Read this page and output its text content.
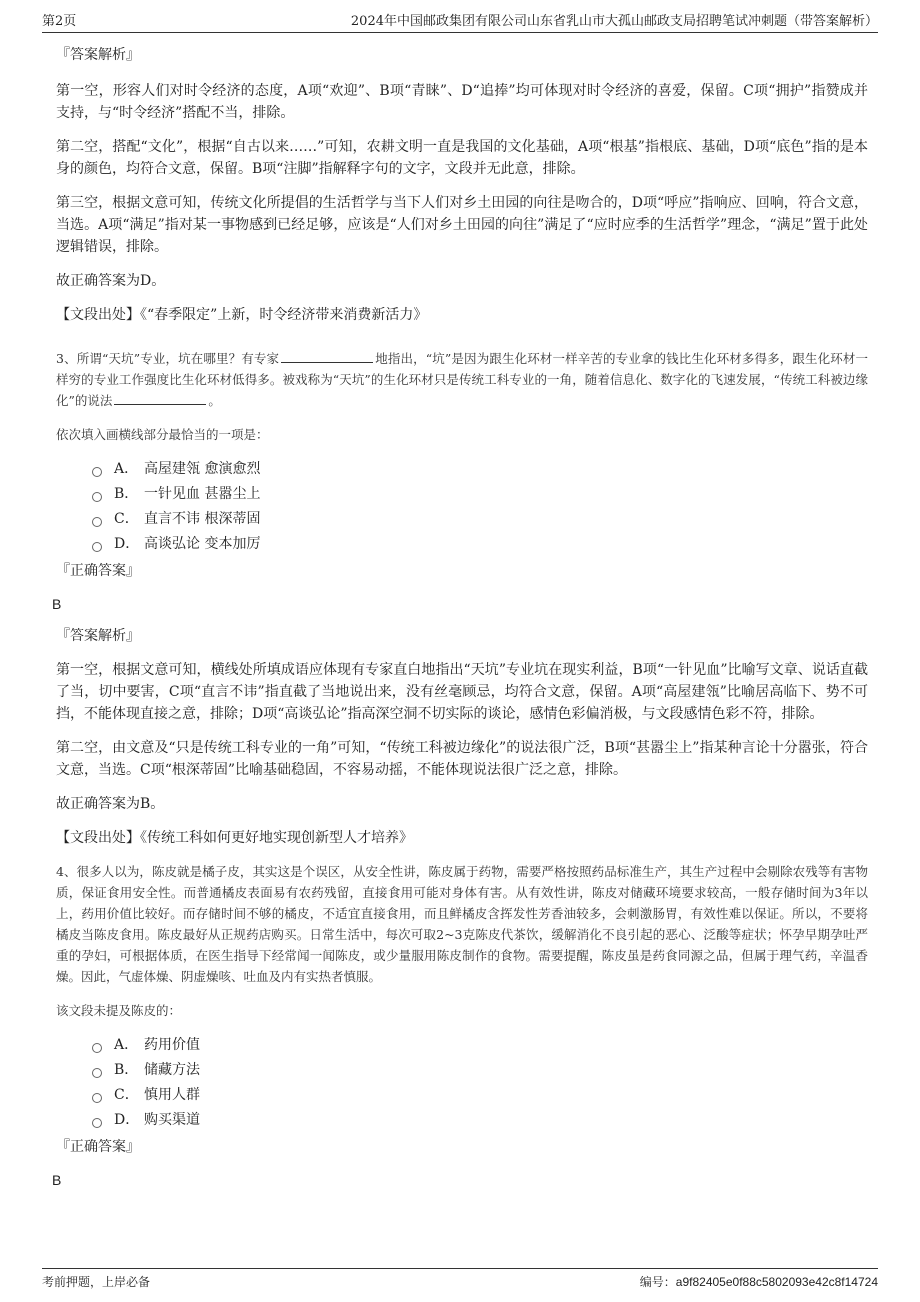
第2页	2024年中国邮政集团有限公司山东省乳山市大孤山邮政支局招聘笔试冲刺题（带答案解析）

『答案解析』

第一空，形容人们对时令经济的态度，A项“欢迎”、B项“青睐”、D“追捧”均可体现对时令经济的喜爱，保留。C项“拥护”指赞成并支持，与“时令经济”搭配不当，排除。

第二空，搭配“文化”，根据“自古以来……”可知，农耕文明一直是我国的文化基础，A项“根基”指根底、基础，D项“底色”指的是本身的颜色，均符合文意，保留。B项“注脚”指解释字句的文字，文段并无此意，排除。

第三空，根据文意可知，传统文化所提倡的生活哲学与当下人们对乡土田园的向往是吻合的，D项“呼应”指响应、回响，符合文意，当选。A项“满足”指对某一事物感到已经足够，应该是“人们对乡土田园的向往”满足了“应时应季的生活哲学”理念，“满足”置于此处逻辑错误，排除。

故正确答案为D。

【文段出处】《“春季限定”上新，时令经济带来消费新活力》

3、所谓“天坑”专业，坑在哪里？有专家	地指出，“坑”是因为跟生化环材一样辛苦的专业拿的钱比生化环材多得多，跟生化环材一样穷的专业工作强度比生化环材低得多。被戏称为“天坑”的生化环材只是传统工科专业的一角，随着信息化、数字化的飞速发展，“传统工科被边缘化”的说法	。

依次填入画横线部分最恰当的一项是：

A． 高屋建瓴 愈演愈烈
B． 一针见血 甚嚣尘上
C． 直言不讳 根深蒂固
D． 高谈弘论 变本加厉

『正确答案』

B

『答案解析』

第一空，根据文意可知，横线处所填成语应体现有专家直白地指出“天坑”专业坑在现实利益，B项“一针见血”比喻写文章、说话直截了当，切中要害，C项“直言不讳”指直截了当地说出来，没有丝毫顾忌，均符合文意，保留。A项“高屋建瓴”比喻居高临下、势不可挡，不能体现直接之意，排除；D项“高谈弘论”指高深空洞不切实际的谈论，感情色彩偏消极，与文段感情色彩不符，排除。

第二空，由文意及“只是传统工科专业的一角”可知，“传统工科被边缘化”的说法很广泛，B项“甚嚣尘上”指某种言论十分嚣张，符合文意，当选。C项“根深蒂固”比喻基础稳固，不容易动摇，不能体现说法很广泛之意，排除。

故正确答案为B。

【文段出处】《传统工科如何更好地实现创新型人才培养》

4、很多人以为，陈皮就是橘子皮，其实这是个误区，从安全性讲，陈皮属于药物，需要严格按照药品标准生产，其生产过程中会剔除农残等有害物质，保证食用安全性。而普通橘皮表面易有农药残留，直接食用可能对身体有害。从有效性讲，陈皮对储藏环境要求较高，一般存储时间为3年以上，药用价值比较好。而存储时间不够的橘皮，不适宜直接食用，而且鲜橘皮含挥发性芳香油较多，会刺激肠胃，有效性难以保证。所以，不要将橘皮当陈皮食用。陈皮最好从正规药店购买。日常生活中，每次可取2~3克陈皮代茶饮，缓解消化不良引起的恶心、泛酸等症状；怀孕早期孕吐严重的孕妇，可根据体质，在医生指导下经常闻一闻陈皮，或少量服用陈皮制作的食物。需要提醒，陈皮虽是药食同源之品，但属于理气药，辛温香燥。因此，气虚体燥、阴虚燥咳、吐血及内有实热者慎服。

该文段未提及陈皮的：

A． 药用价值
B． 储藏方法
C． 慎用人群
D． 购买渠道

『正确答案』

B

考前押题，上岸必备	编号：a9f82405e0f88c5802093e42c8f14724
